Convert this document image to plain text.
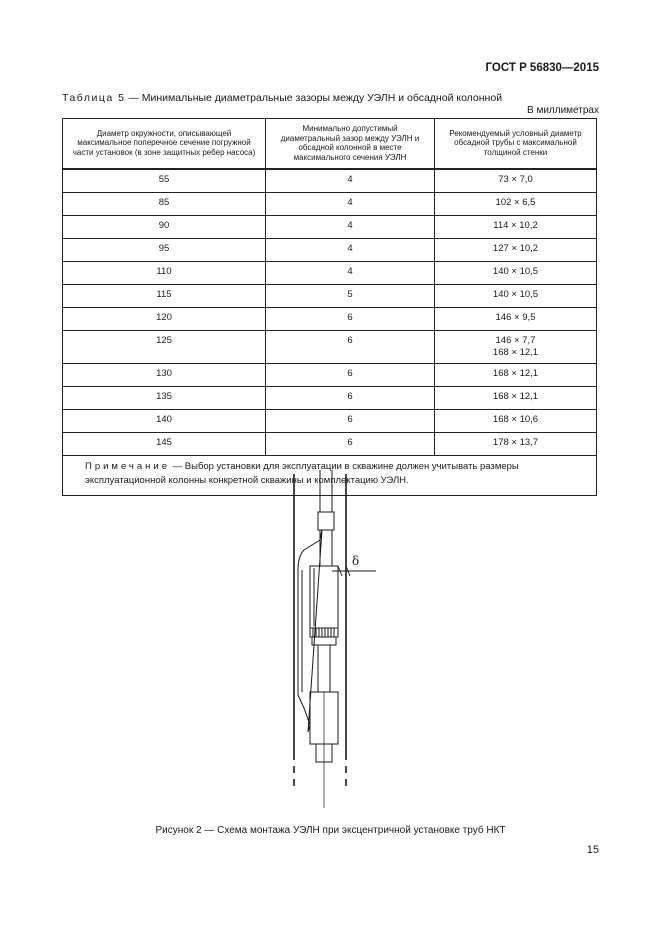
ГОСТ Р 56830—2015
Таблица 5 — Минимальные диаметральные зазоры между УЭЛН и обсадной колонной
В миллиметрах
Диаметр окружности, описывающей максимальное поперечное сечение погружной части установок (в зоне защитных ребер насоса)	Минимально допустимый диаметральный зазор между УЭЛН и обсадной колонной в месте максимального сечения УЭЛН	Рекомендуемый условный диаметр обсадной трубы с максимальной толщиной стенки

55	4	73 × 7,0

85	4	102 × 6,5

90	4	114 × 10,2

95	4	127 × 10,2

110	4	140 × 10,5

115	5	140 × 10,5

120	6	146 × 9,5

125	6	146 × 7,7
168 × 12,1

130	6	168 × 12,1

135	6	168 × 12,1

140	6	168 × 10,6

145	6	178 × 13,7

Примечание — Выбор установки для эксплуатации в скважине должен учитывать размеры эксплуатационной колонны конкретной скважины и комплектацию УЭЛН.		
δ
Рисунок 2 — Схема монтажа УЭЛН при эксцентричной установке труб НКТ
15
